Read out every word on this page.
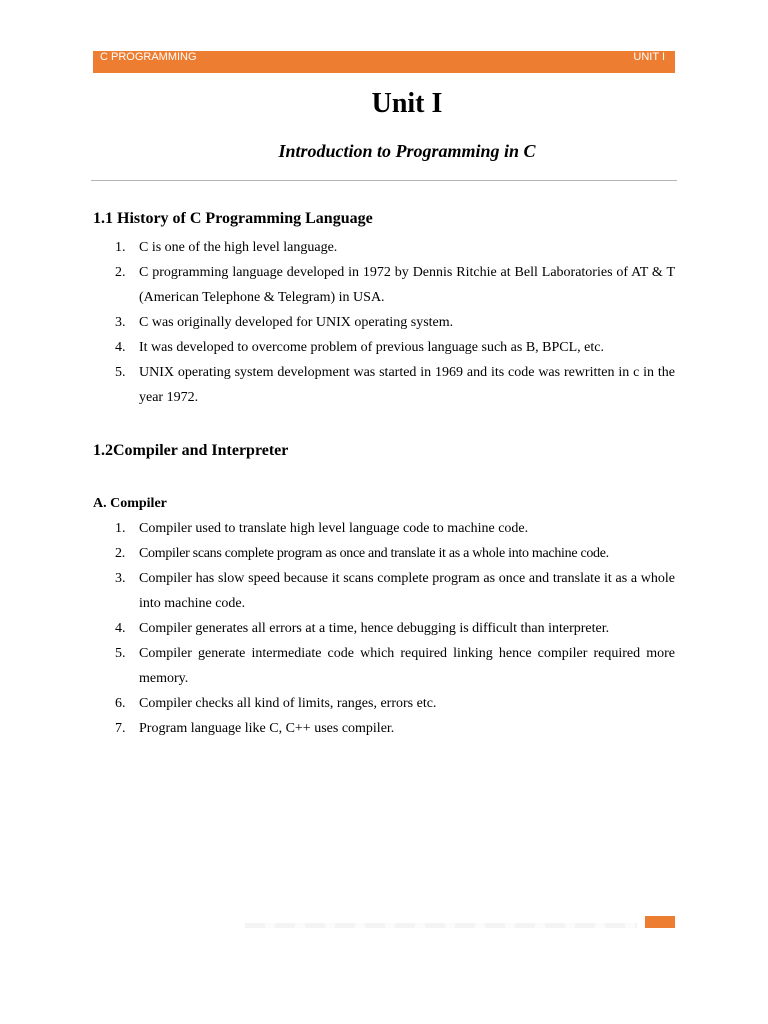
C PROGRAMMING	UNIT I
Unit I
Introduction to Programming in C
1.1 History of C Programming Language
1. C is one of the high level language.
2. C programming language developed in 1972 by Dennis Ritchie at Bell Laboratories of AT & T (American Telephone & Telegram) in USA.
3. C was originally developed for UNIX operating system.
4. It was developed to overcome problem of previous language such as B, BPCL, etc.
5. UNIX operating system development was started in 1969 and its code was rewritten in c in the year 1972.
1.2Compiler and Interpreter
A. Compiler
1. Compiler used to translate high level language code to machine code.
2. Compiler scans complete program as once and translate it as a whole into machine code.
3. Compiler has slow speed because it scans complete program as once and translate it as a whole into machine code.
4. Compiler generates all errors at a time, hence debugging is difficult than interpreter.
5. Compiler generate intermediate code which required linking hence compiler required more memory.
6. Compiler checks all kind of limits, ranges, errors etc.
7. Program language like C, C++ uses compiler.
